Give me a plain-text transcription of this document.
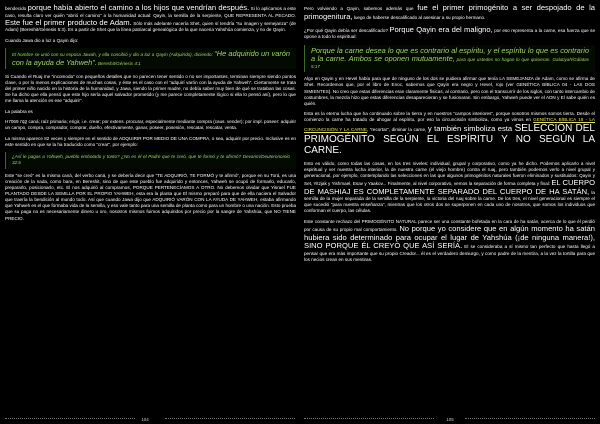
bendecido porque había abierto el camino a los hijos que vendrían después. Si lo aplicamos a este caso, resulta claro ver quién “abrió el camino” a la humanidad actual: Qayin, la semilla de la serpiente, QUE REPRESENTA AL PECADO. Este fue el primer producto de Adam. Sólo más adelante nacería Shet, quien sí tendría “su imagen y semejanza” (de Adam) (Bereshit/Génesis 5:3). Es a partir de Shet que la línea patriarcal genealógica de la que naceria Yahshúa comienza, y no de Qayin.

Cuando Jawa dio a luz a Qayin dijo:

El hombre se unió con su esposa Jawah, y ella concibió y dio a luz a Qayin (Adquirido), diciendo: “He adquirido un varón con la ayuda de Yahweh”. Bereshit/Génesis 4:1

Si Cuando el Ruaj me “incomoda” con pequeños detalles que no parecen tener sentido o no ser importantes, terminan siempre siendo puntos clave, o por lo menos explicaciones de muchas cosas, y éste es el caso con el “adquirí varón con la ayuda de Yahweh”. Ciertamente se trata del primer niño nacido en la historia de la humanidad, y Jawa, siendo la primer madre, no debía saber muy bien de qué se trataban las cosas. Se ha dicho que ella pensó que este hijo sería aquel salvador prometido (y me parece completamente lógico si ella lo pensó así), pero lo que me llama la atención es ese “adquirir”.

La palabra es

H7069 קָנָה caná; raíz primaria; erigir, i.e. crear; por extens. procurar, especialmente mediante compra (caus. vender); por impl. poseer: adquirir un campo, compra, comprador, comprar, dueño, efectivamente, ganar, poseer, posesión, rescatar, rescatar, venta.

La misma aparece 82 veces y siempre en el sentido de ADQUIRIR POR MEDIO DE UNA COMPRA, o sea, adquirir por precio. Inclusive es en este sentido en que se la ha traducido como “crear”, por ejemplo:

¿Así le pagas a Yahweh, pueblo embotado y tonto? ¿No es él el Padre que te creó, que te formó y te afirmó? Devarim/Deuteronomio 32:6

Este “se creó” es la misma caná, del verbo caná, y se debería decir que “TE ADQUIRIÓ, TE FORMÓ y te afirmó”, porque en su Torá, es una creación de la nada, como bara, en Bereshit, sino de que este pueblo fue adquirido y entonces, Yahweh se ocupó de formarlo, educarlo, prepararlo, posicionarlo, etc. El nos adquirió al comprarnos, PORQUE PERTENECÍAMOS A OTRO. No debemos olvidar que Yisrael FUE PLANTADO DESDE LA SEMILLA POR EL PROPIO YAHWEH, esta era la planta que El mismo preparó para que de ella naciera el Salvador que traería la bendición al mundo todo. Así que cuando Jawa dijo que ADQUIRIÓ VARÓN CON LA AYUDA DE YAHWEH, estaba afirmando que Yahweh es el que formaba vida de la semilla, y eso vale tanto para una semilla de planta como para un hombre o una nación. Esto prueba que su paga no es necesariamente dinero u oro, nosotros mismos fuimos adquiridos por precio por la sangre de Yahshúa, que NO TIENE PRECIO.

Pero volviendo a Qayin, sabemos además que fue el primer primogénito a ser despojado de la primogenitura, luego de haberse descalificado al asesinar a su propio hermano.

¿Por qué Qayin debía ser descalificado? Porque Qayin era del maligno, por eso representa a la carne, esa fuerza que se opone a todo lo espiritual:

Porque la carne desea lo que es contrario al espíritu, y el espíritu lo que es contrario a la carne. Ambos se oponen mutuamente, para que ustedes no hagan lo que quisieran. Galutiyah/Gálatas 5:17

Algo en Qayin y en Hevel había para que de ninguno de los dos se pudiera afirmar que tenía LA SEMEJANZA de Adam, como se afirma de Shet. Recordemos que, por el libro de Enoc, sabemos que Qayin era negro y Hevel, rojo (ver GENÉTICA BÍBLICA 04 - LAS DOS SIMIENTES). No creo que estas diferencias eran claramente físicas, al contrario, pero con el transcurrir de los siglos, con tanto intercambio de costumbres, la mezcla hizo que estas diferencias desaparecieran y se fusionaran. Sin embargo, Yahweh puede ver el ADN y El sabe quién es quién.

Esta es la eterna lucha que ha continuado sobre la tierra y en nuestros “campos interiores”, porque nosotros mismos somos tierra. Desde el comienzo la carne ha tratado de ahogar al espíritu, por eso la circuncisión simboliza, como ya vimos en GENÉTICA BÍBLICA 18 - LA CIRCUNCISIÓN Y LA CARNE, “recortar”, diminar la carne, y también simboliza esta SELECCIÓN DEL PRIMOGÉNITO SEGÚN EL ESPÍRITU Y NO SEGÚN LA CARNE.

Esto es válido, como todas las cosas, en los tres niveles: individual, grupal y corporativo, como ya he dicho. Podemos aplicarlo a nivel espiritual y ver nuestra lucha interior, la de nuestra carne (el viejo hombre) contra el ruaj, pero también podemos verlo a nivel grupal y generacional, por ejemplo, contemplando las selecciones en las que algunos primogénitos naturales fueron eliminados y sustituidos: Qayin y Set, Yitzjak y Yishmael, Esav y Yaakov... Finalmente, al nivel corporativo, vemos la separación de forma completa y final: EL CUERPO DE MASHIAJ ES COMPLETAMENTE SEPARADO DEL CUERPO DE HA SATÁN, la semilla de la mujer separada de la semilla de la serpiente, la victoria del ruaj sobre la carne. De los tres, el nivel generacional es siempre el que sucedió “para nuestra enseñanza”, mientras que los otros dos se superponen en cada uno de nosotros, que somos los individuos que conforman el cuerpo, las células.

Este constante rechazo del PRIMOGÉNITO NATURAL parece ser una constante bofetada en la cara de ha satán, acerca de lo que él perdió por causa de su propio mal comportamiento. No porque yo considere que en algún momento ha satán hubiera sido determinado para ocupar el lugar de Yahshúa (¡de ninguna manera!), SINO PORQUE ÉL CREYÓ QUE ASÍ SERÍA. El se consideraba a sí mismo tan perfecto que hasta llegó a pensar que era más importante que su propio Creador... él es el verdadero demiurgo, y como padre de la mentira, a la vez la tortilla para que los necios crean en sus mentiras.

104	105
